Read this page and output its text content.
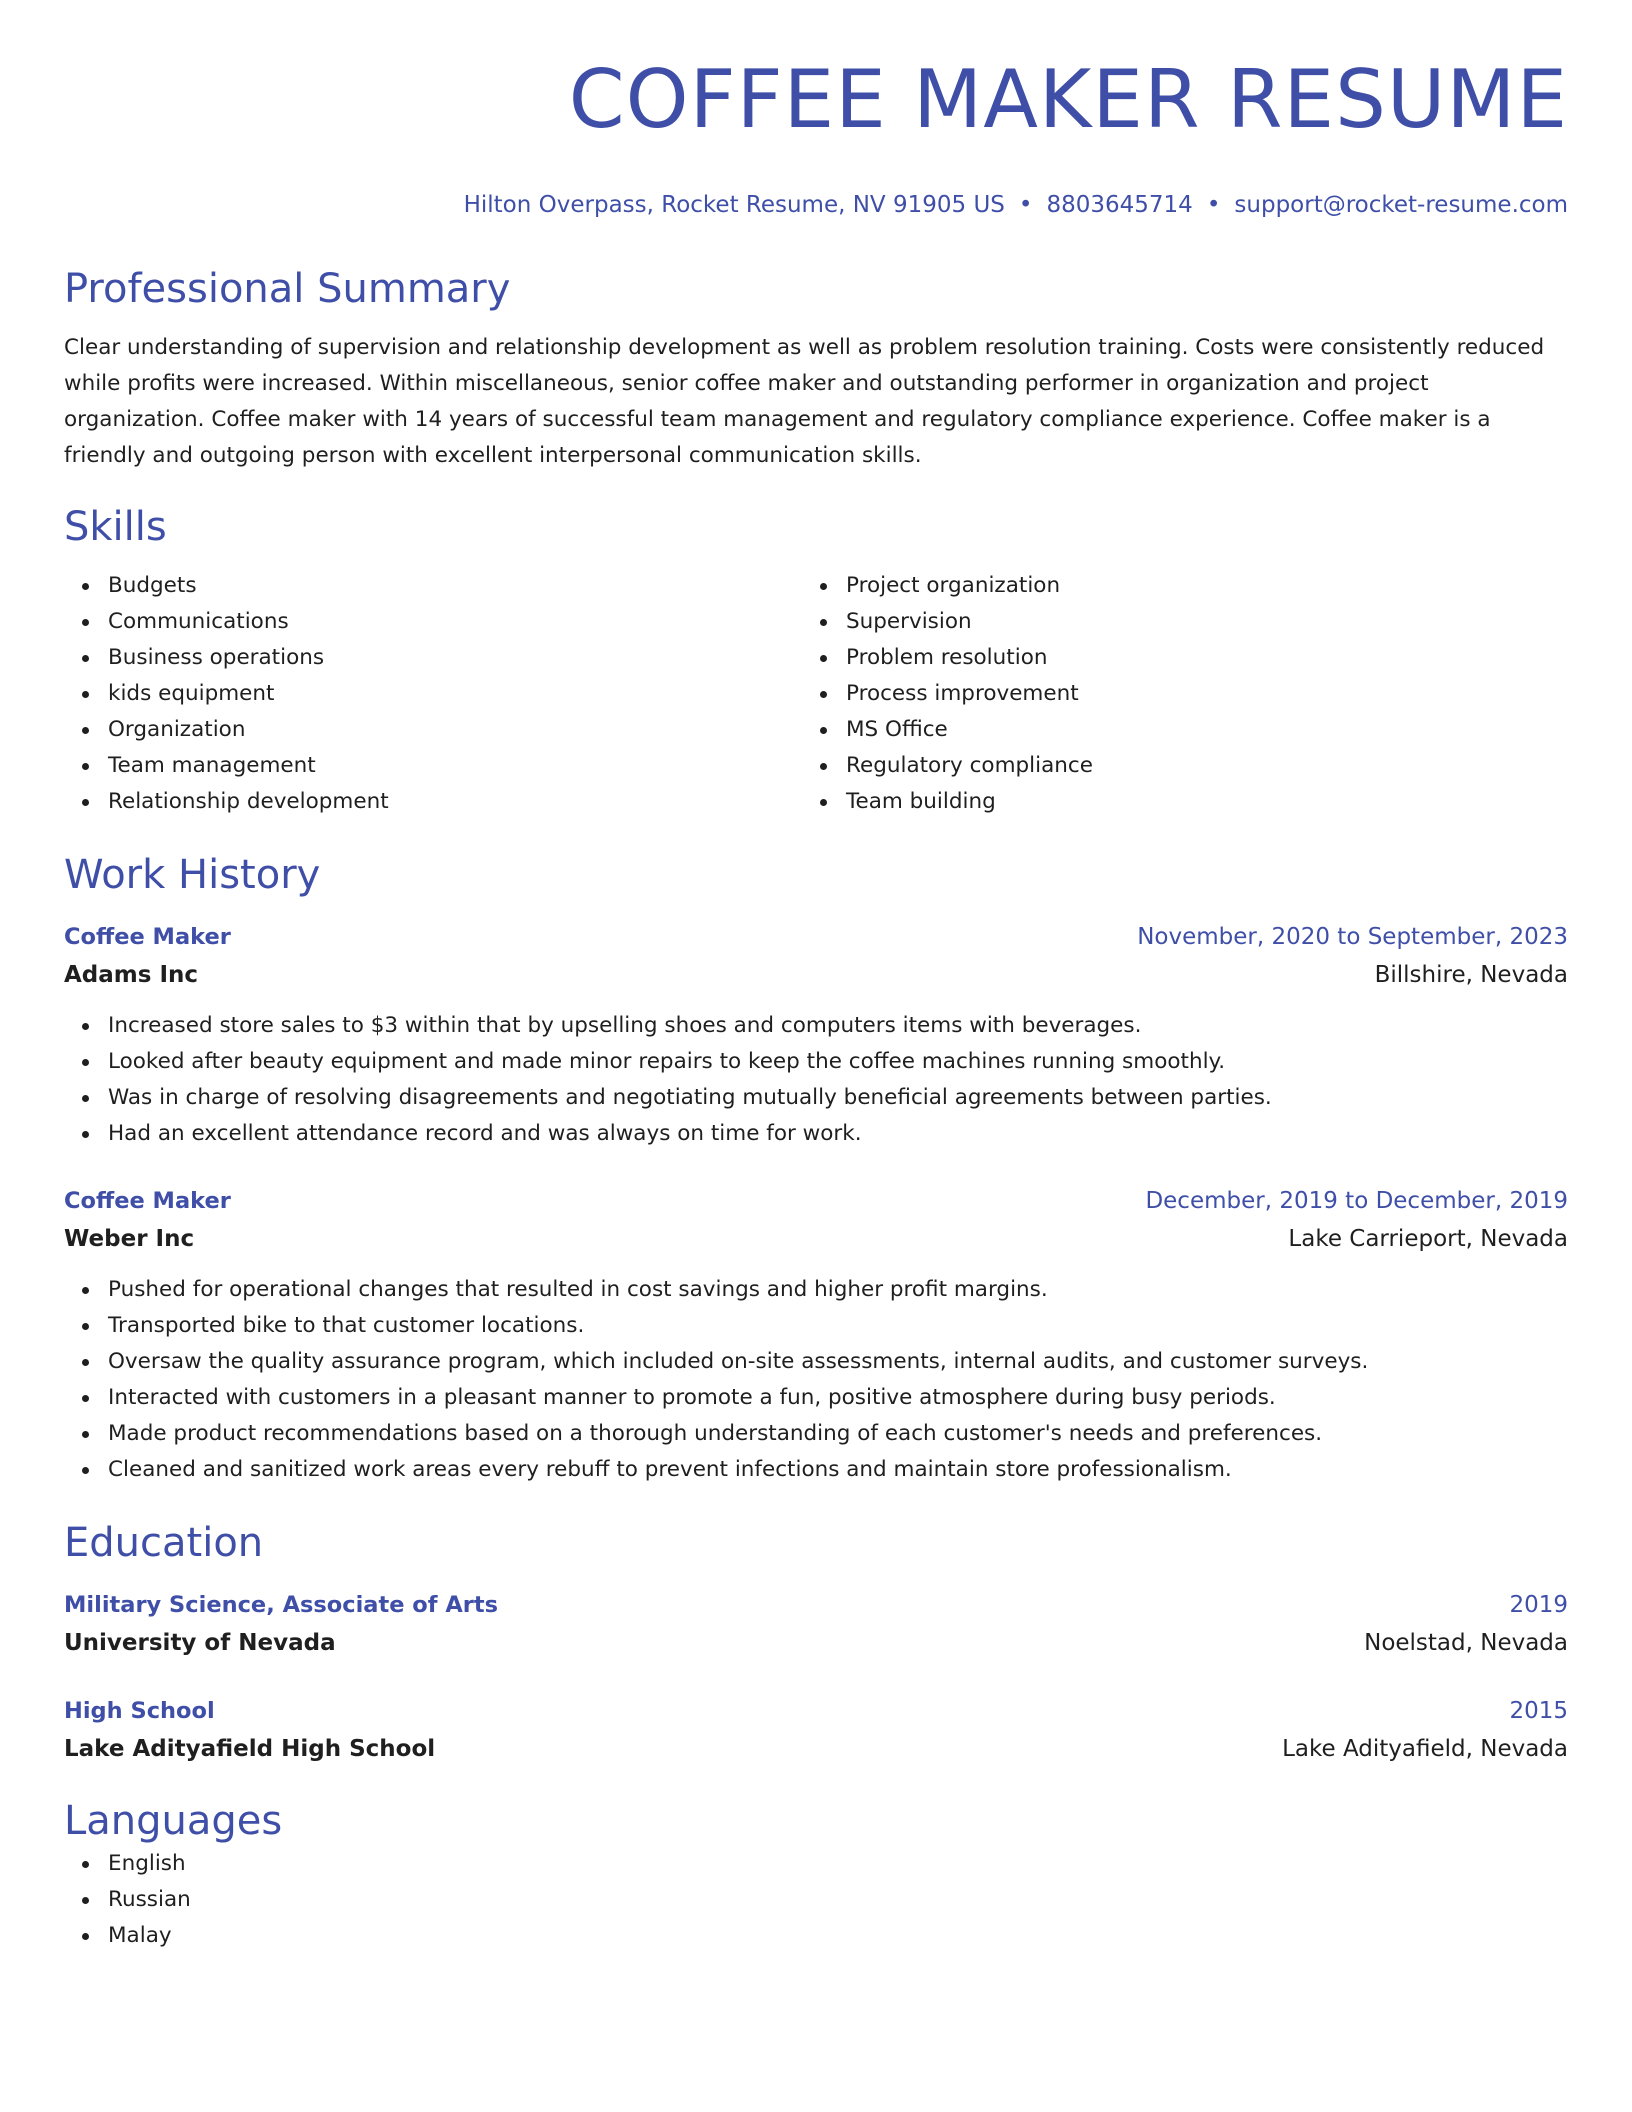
COFFEE MAKER RESUME
Hilton Overpass, Rocket Resume, NV 91905 US • 8803645714 • support@rocket-resume.com
Professional Summary
Clear understanding of supervision and relationship development as well as problem resolution training. Costs were consistently reduced while profits were increased. Within miscellaneous, senior coffee maker and outstanding performer in organization and project organization. Coffee maker with 14 years of successful team management and regulatory compliance experience. Coffee maker is a friendly and outgoing person with excellent interpersonal communication skills.
Skills
Budgets
Communications
Business operations
kids equipment
Organization
Team management
Relationship development
Project organization
Supervision
Problem resolution
Process improvement
MS Office
Regulatory compliance
Team building
Work History
Coffee Maker	November, 2020 to September, 2023
Adams Inc	Billshire, Nevada
Increased store sales to $3 within that by upselling shoes and computers items with beverages.
Looked after beauty equipment and made minor repairs to keep the coffee machines running smoothly.
Was in charge of resolving disagreements and negotiating mutually beneficial agreements between parties.
Had an excellent attendance record and was always on time for work.
Coffee Maker	December, 2019 to December, 2019
Weber Inc	Lake Carrieport, Nevada
Pushed for operational changes that resulted in cost savings and higher profit margins.
Transported bike to that customer locations.
Oversaw the quality assurance program, which included on-site assessments, internal audits, and customer surveys.
Interacted with customers in a pleasant manner to promote a fun, positive atmosphere during busy periods.
Made product recommendations based on a thorough understanding of each customer's needs and preferences.
Cleaned and sanitized work areas every rebuff to prevent infections and maintain store professionalism.
Education
Military Science, Associate of Arts	2019
University of Nevada	Noelstad, Nevada
High School	2015
Lake Adityafield High School	Lake Adityafield, Nevada
Languages
English
Russian
Malay
